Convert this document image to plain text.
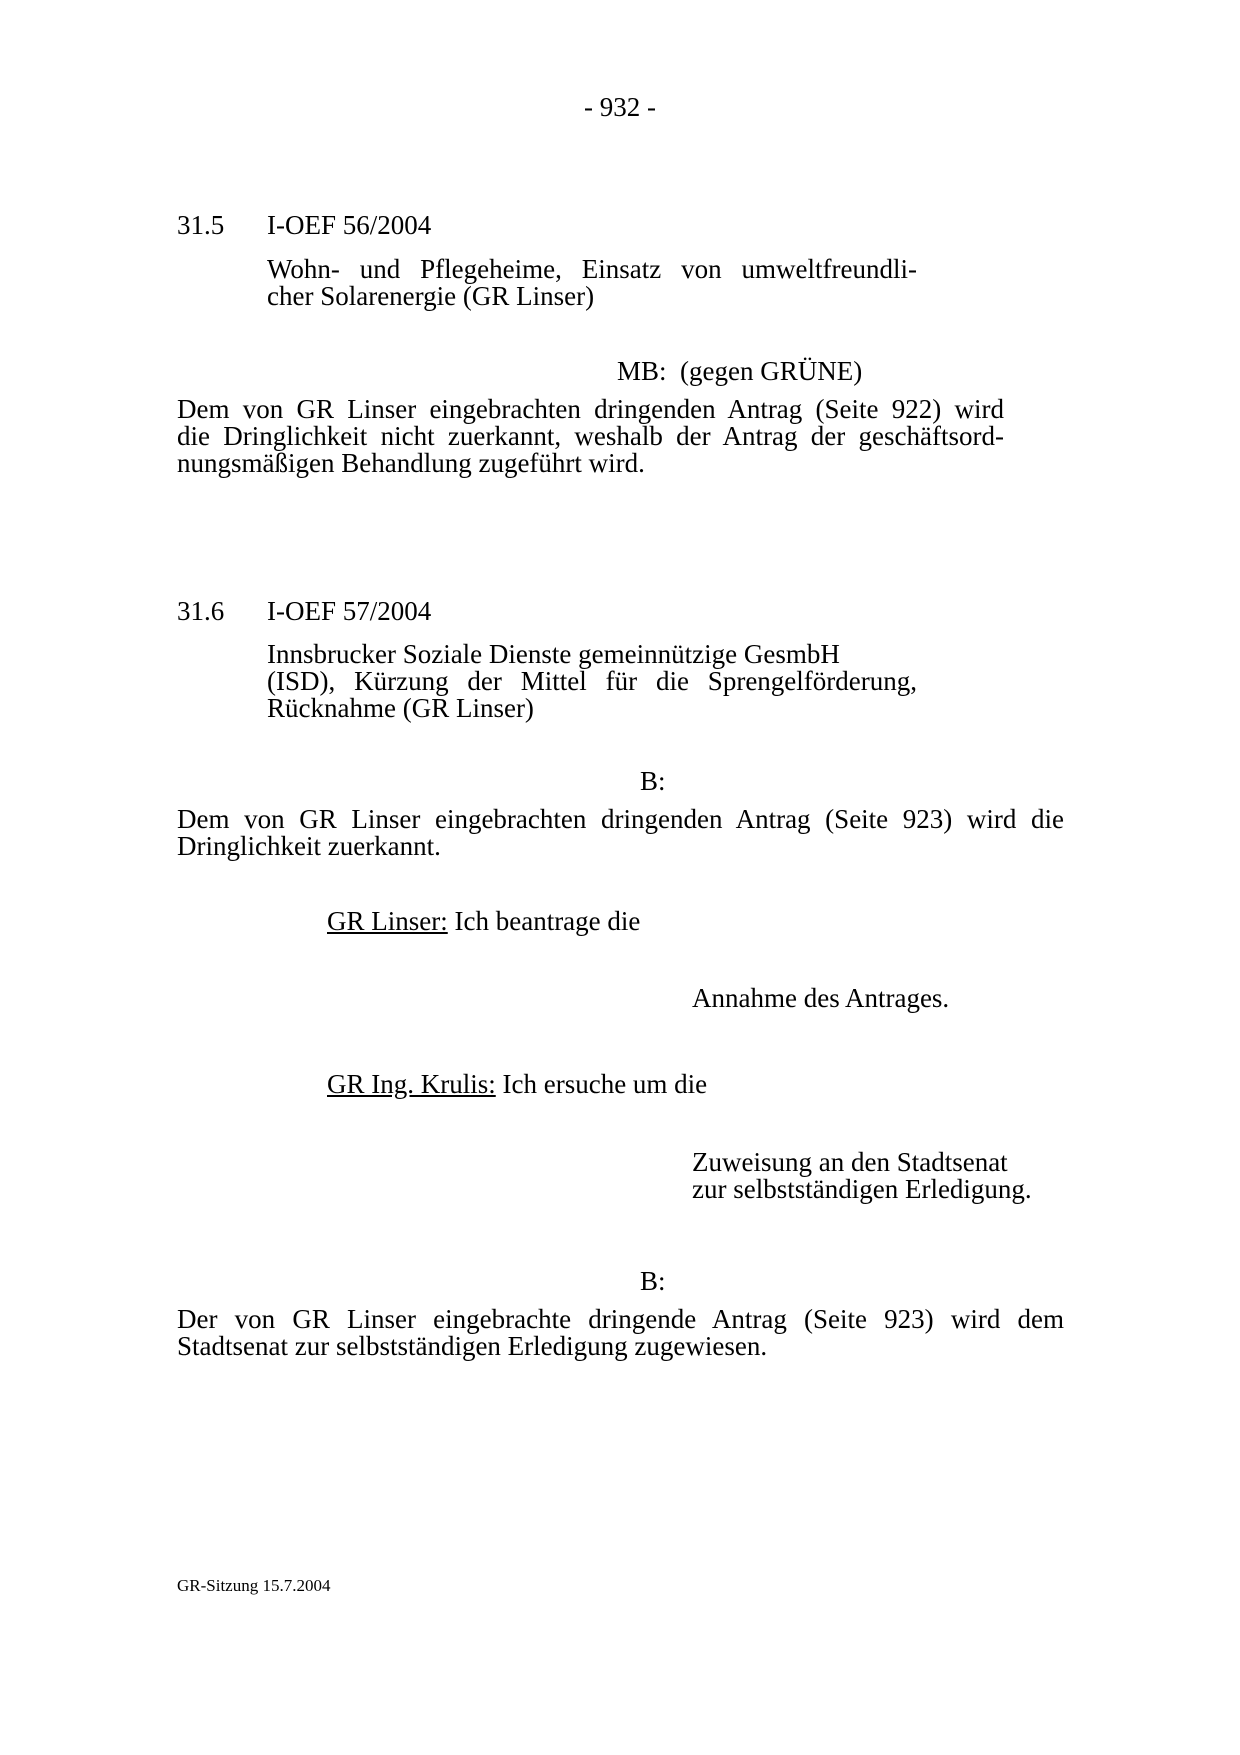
- 932 -
31.5 I-OEF 56/2004
Wohn- und Pflegeheime, Einsatz von umweltfreundli-
cher Solarenergie (GR Linser)
MB: (gegen GRÜNE)
Dem von GR Linser eingebrachten dringenden Antrag (Seite 922) wird
die Dringlichkeit nicht zuerkannt, weshalb der Antrag der geschäftsord-
nungsmäßigen Behandlung zugeführt wird.
31.6 I-OEF 57/2004
Innsbrucker Soziale Dienste gemeinnützige GesmbH
(ISD), Kürzung der Mittel für die Sprengelförderung,
Rücknahme (GR Linser)
B:
Dem von GR Linser eingebrachten dringenden Antrag (Seite 923) wird die
Dringlichkeit zuerkannt.
GR Linser: Ich beantrage die
Annahme des Antrages.
GR Ing. Krulis: Ich ersuche um die
Zuweisung an den Stadtsenat
zur selbstständigen Erledigung.
B:
Der von GR Linser eingebrachte dringende Antrag (Seite 923) wird dem
Stadtsenat zur selbstständigen Erledigung zugewiesen.
GR-Sitzung 15.7.2004
